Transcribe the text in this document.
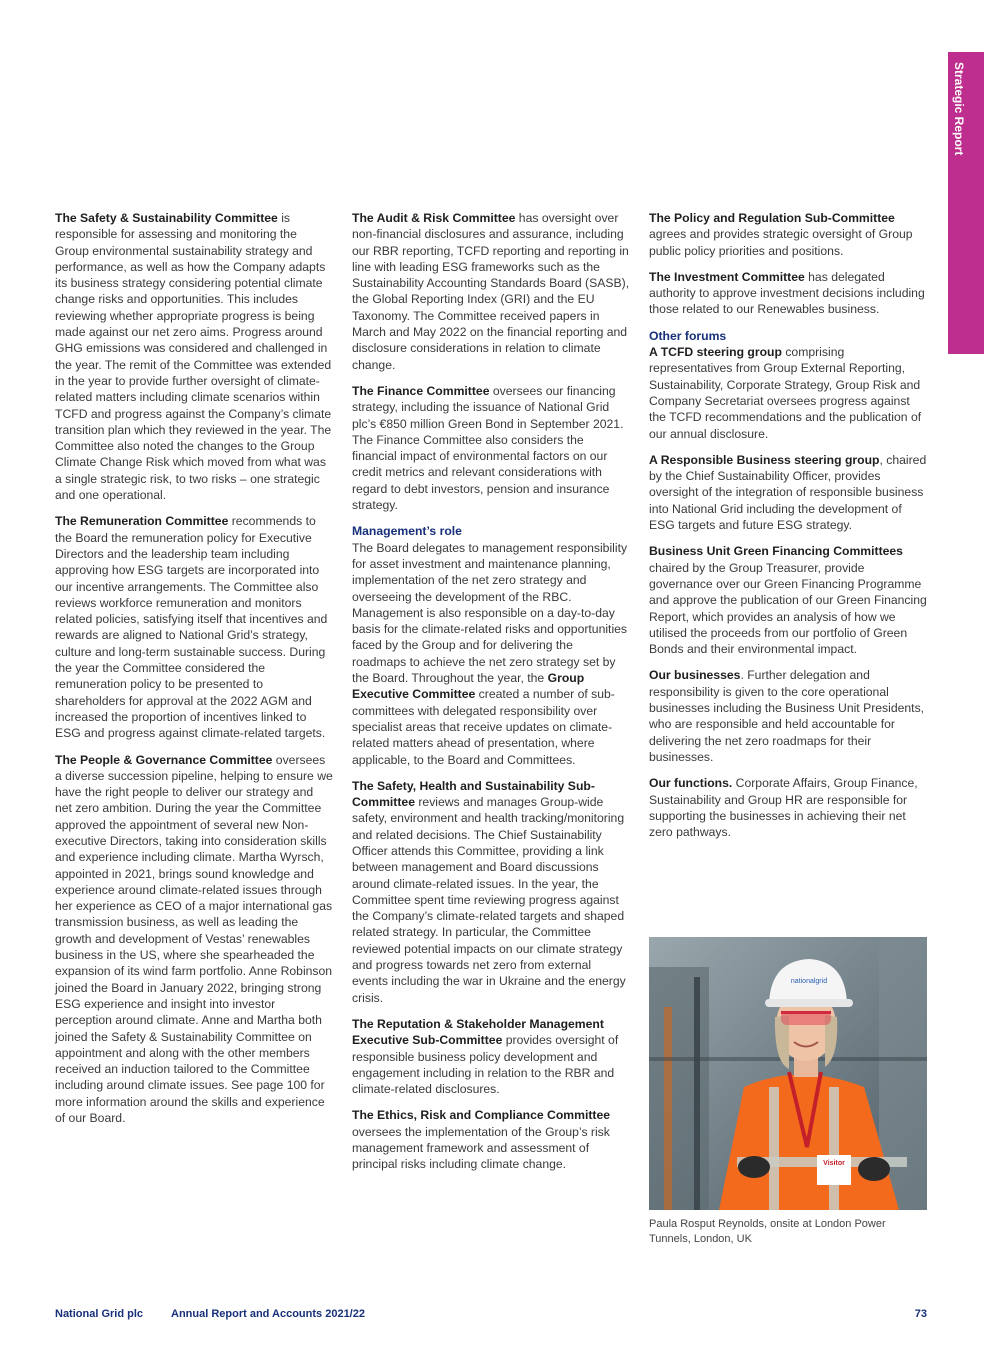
Strategic Report

The Safety & Sustainability Committee is responsible for assessing and monitoring the Group environmental sustainability strategy and performance, as well as how the Company adapts its business strategy considering potential climate change risks and opportunities. This includes reviewing whether appropriate progress is being made against our net zero aims. Progress around GHG emissions was considered and challenged in the year. The remit of the Committee was extended in the year to provide further oversight of climate-related matters including climate scenarios within TCFD and progress against the Company’s climate transition plan which they reviewed in the year. The Committee also noted the changes to the Group Climate Change Risk which moved from what was a single strategic risk, to two risks – one strategic and one operational.

The Remuneration Committee recommends to the Board the remuneration policy for Executive Directors and the leadership team including approving how ESG targets are incorporated into our incentive arrangements. The Committee also reviews workforce remuneration and monitors related policies, satisfying itself that incentives and rewards are aligned to National Grid’s strategy, culture and long-term sustainable success. During the year the Committee considered the remuneration policy to be presented to shareholders for approval at the 2022 AGM and increased the proportion of incentives linked to ESG and progress against climate-related targets.

The People & Governance Committee oversees a diverse succession pipeline, helping to ensure we have the right people to deliver our strategy and net zero ambition. During the year the Committee approved the appointment of several new Non-executive Directors, taking into consideration skills and experience including climate. Martha Wyrsch, appointed in 2021, brings sound knowledge and experience around climate-related issues through her experience as CEO of a major international gas transmission business, as well as leading the growth and development of Vestas’ renewables business in the US, where she spearheaded the expansion of its wind farm portfolio. Anne Robinson joined the Board in January 2022, bringing strong ESG experience and insight into investor perception around climate. Anne and Martha both joined the Safety & Sustainability Committee on appointment and along with the other members received an induction tailored to the Committee including around climate issues. See page 100 for more information around the skills and experience of our Board.

The Audit & Risk Committee has oversight over non-financial disclosures and assurance, including our RBR reporting, TCFD reporting and reporting in line with leading ESG frameworks such as the Sustainability Accounting Standards Board (SASB), the Global Reporting Index (GRI) and the EU Taxonomy. The Committee received papers in March and May 2022 on the financial reporting and disclosure considerations in relation to climate change.

The Finance Committee oversees our financing strategy, including the issuance of National Grid plc’s €850 million Green Bond in September 2021. The Finance Committee also considers the financial impact of environmental factors on our credit metrics and relevant considerations with regard to debt investors, pension and insurance strategy.

Management’s role

The Board delegates to management responsibility for asset investment and maintenance planning, implementation of the net zero strategy and overseeing the development of the RBC. Management is also responsible on a day-to-day basis for the climate-related risks and opportunities faced by the Group and for delivering the roadmaps to achieve the net zero strategy set by the Board. Throughout the year, the Group Executive Committee created a number of sub-committees with delegated responsibility over specialist areas that receive updates on climate-related matters ahead of presentation, where applicable, to the Board and Committees.

The Safety, Health and Sustainability Sub-Committee reviews and manages Group-wide safety, environment and health tracking/monitoring and related decisions. The Chief Sustainability Officer attends this Committee, providing a link between management and Board discussions around climate-related issues. In the year, the Committee spent time reviewing progress against the Company’s climate-related targets and shaped related strategy. In particular, the Committee reviewed potential impacts on our climate strategy and progress towards net zero from external events including the war in Ukraine and the energy crisis.

The Reputation & Stakeholder Management Executive Sub-Committee provides oversight of responsible business policy development and engagement including in relation to the RBR and climate-related disclosures.

The Ethics, Risk and Compliance Committee oversees the implementation of the Group’s risk management framework and assessment of principal risks including climate change.

The Policy and Regulation Sub-Committee agrees and provides strategic oversight of Group public policy priorities and positions.

The Investment Committee has delegated authority to approve investment decisions including those related to our Renewables business.

Other forums

A TCFD steering group comprising representatives from Group External Reporting, Sustainability, Corporate Strategy, Group Risk and Company Secretariat oversees progress against the TCFD recommendations and the publication of our annual disclosure.

A Responsible Business steering group, chaired by the Chief Sustainability Officer, provides oversight of the integration of responsible business into National Grid including the development of ESG targets and future ESG strategy.

Business Unit Green Financing Committees chaired by the Group Treasurer, provide governance over our Green Financing Programme and approve the publication of our Green Financing Report, which provides an analysis of how we utilised the proceeds from our portfolio of Green Bonds and their environmental impact.

Our businesses. Further delegation and responsibility is given to the core operational businesses including the Business Unit Presidents, who are responsible and held accountable for delivering the net zero roadmaps for their businesses.

Our functions. Corporate Affairs, Group Finance, Sustainability and Group HR are responsible for supporting the businesses in achieving their net zero pathways.

nationalgrid
Visitor
Paula Rosput Reynolds, onsite at London Power Tunnels, London, UK
National Grid plc	Annual Report and Accounts 2021/22	73
